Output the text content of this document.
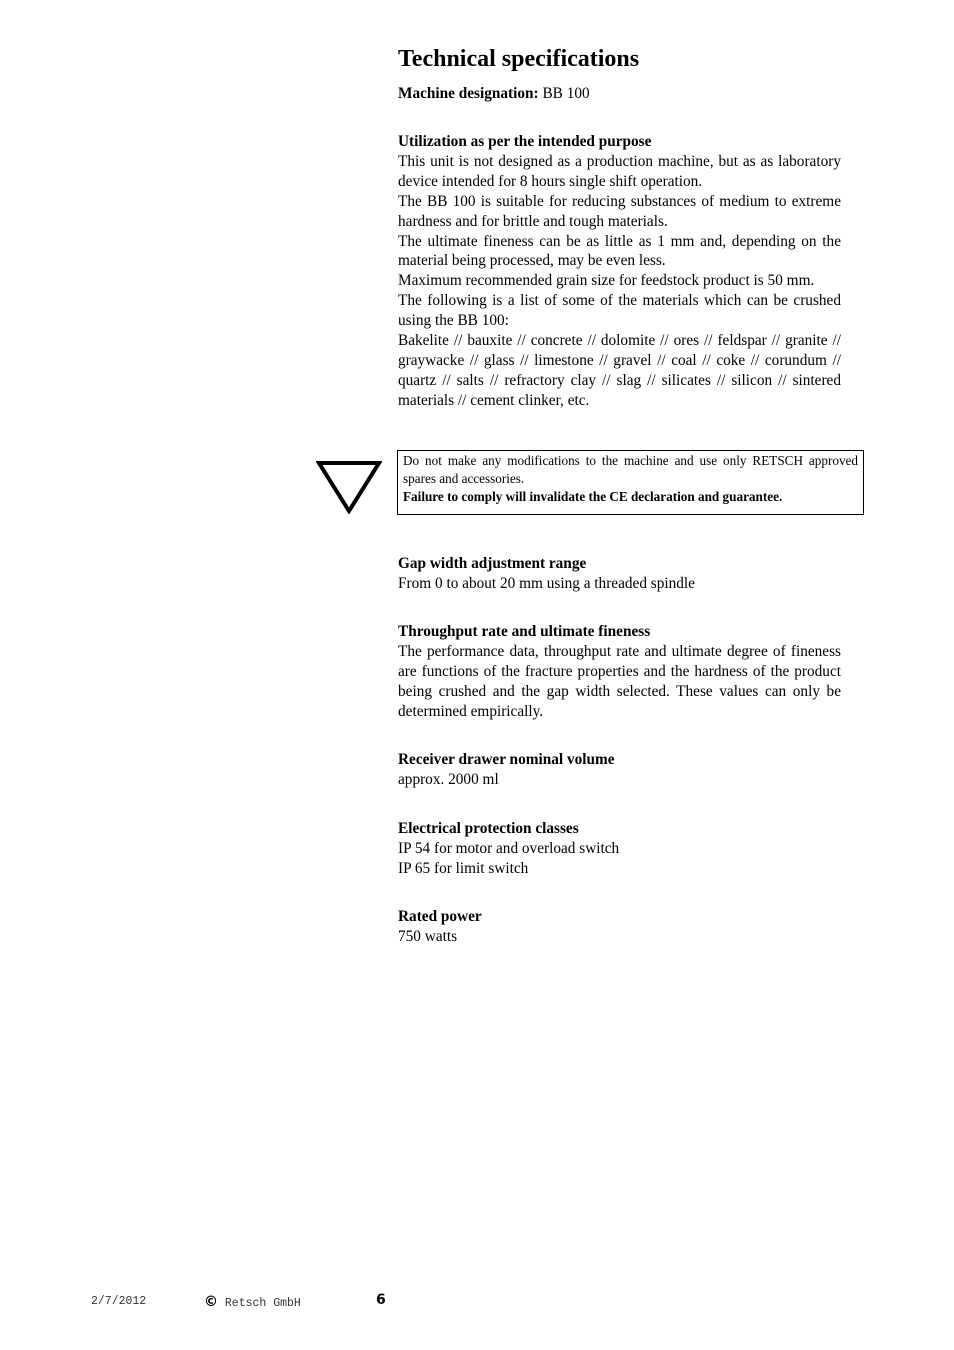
Technical specifications
Machine designation: BB 100
Utilization as per the intended purpose

This unit is not designed as a production machine, but as as laboratory device intended for 8 hours single shift operation.

The BB 100 is suitable for reducing substances of medium to extreme hardness and for brittle and tough materials.

The ultimate fineness can be as little as 1 mm and, depending on the material being processed, may be even less.

Maximum recommended grain size for feedstock product is 50 mm.

The following is a list of some of the materials which can be crushed using the BB 100:

Bakelite // bauxite // concrete // dolomite // ores // feldspar // granite // graywacke // glass // limestone // gravel // coal // coke // corundum // quartz // salts // refractory clay // slag // silicates // silicon // sintered materials // cement clinker, etc.

Do not make any modifications to the machine and use only RETSCH approved spares and accessories.

Failure to comply will invalidate the CE declaration and guarantee.

Gap width adjustment range
From 0 to about 20 mm using a threaded spindle
Throughput rate and ultimate fineness

The performance data, throughput rate and ultimate degree of fineness are functions of the fracture properties and the hardness of the product being crushed and the gap width selected. These values can only be determined empirically.

Receiver drawer nominal volume
approx. 2000 ml
Electrical protection classes
IP 54 for motor and overload switch
IP 65 for limit switch
Rated power
750 watts
2/7/2012	© Retsch GmbH	6
